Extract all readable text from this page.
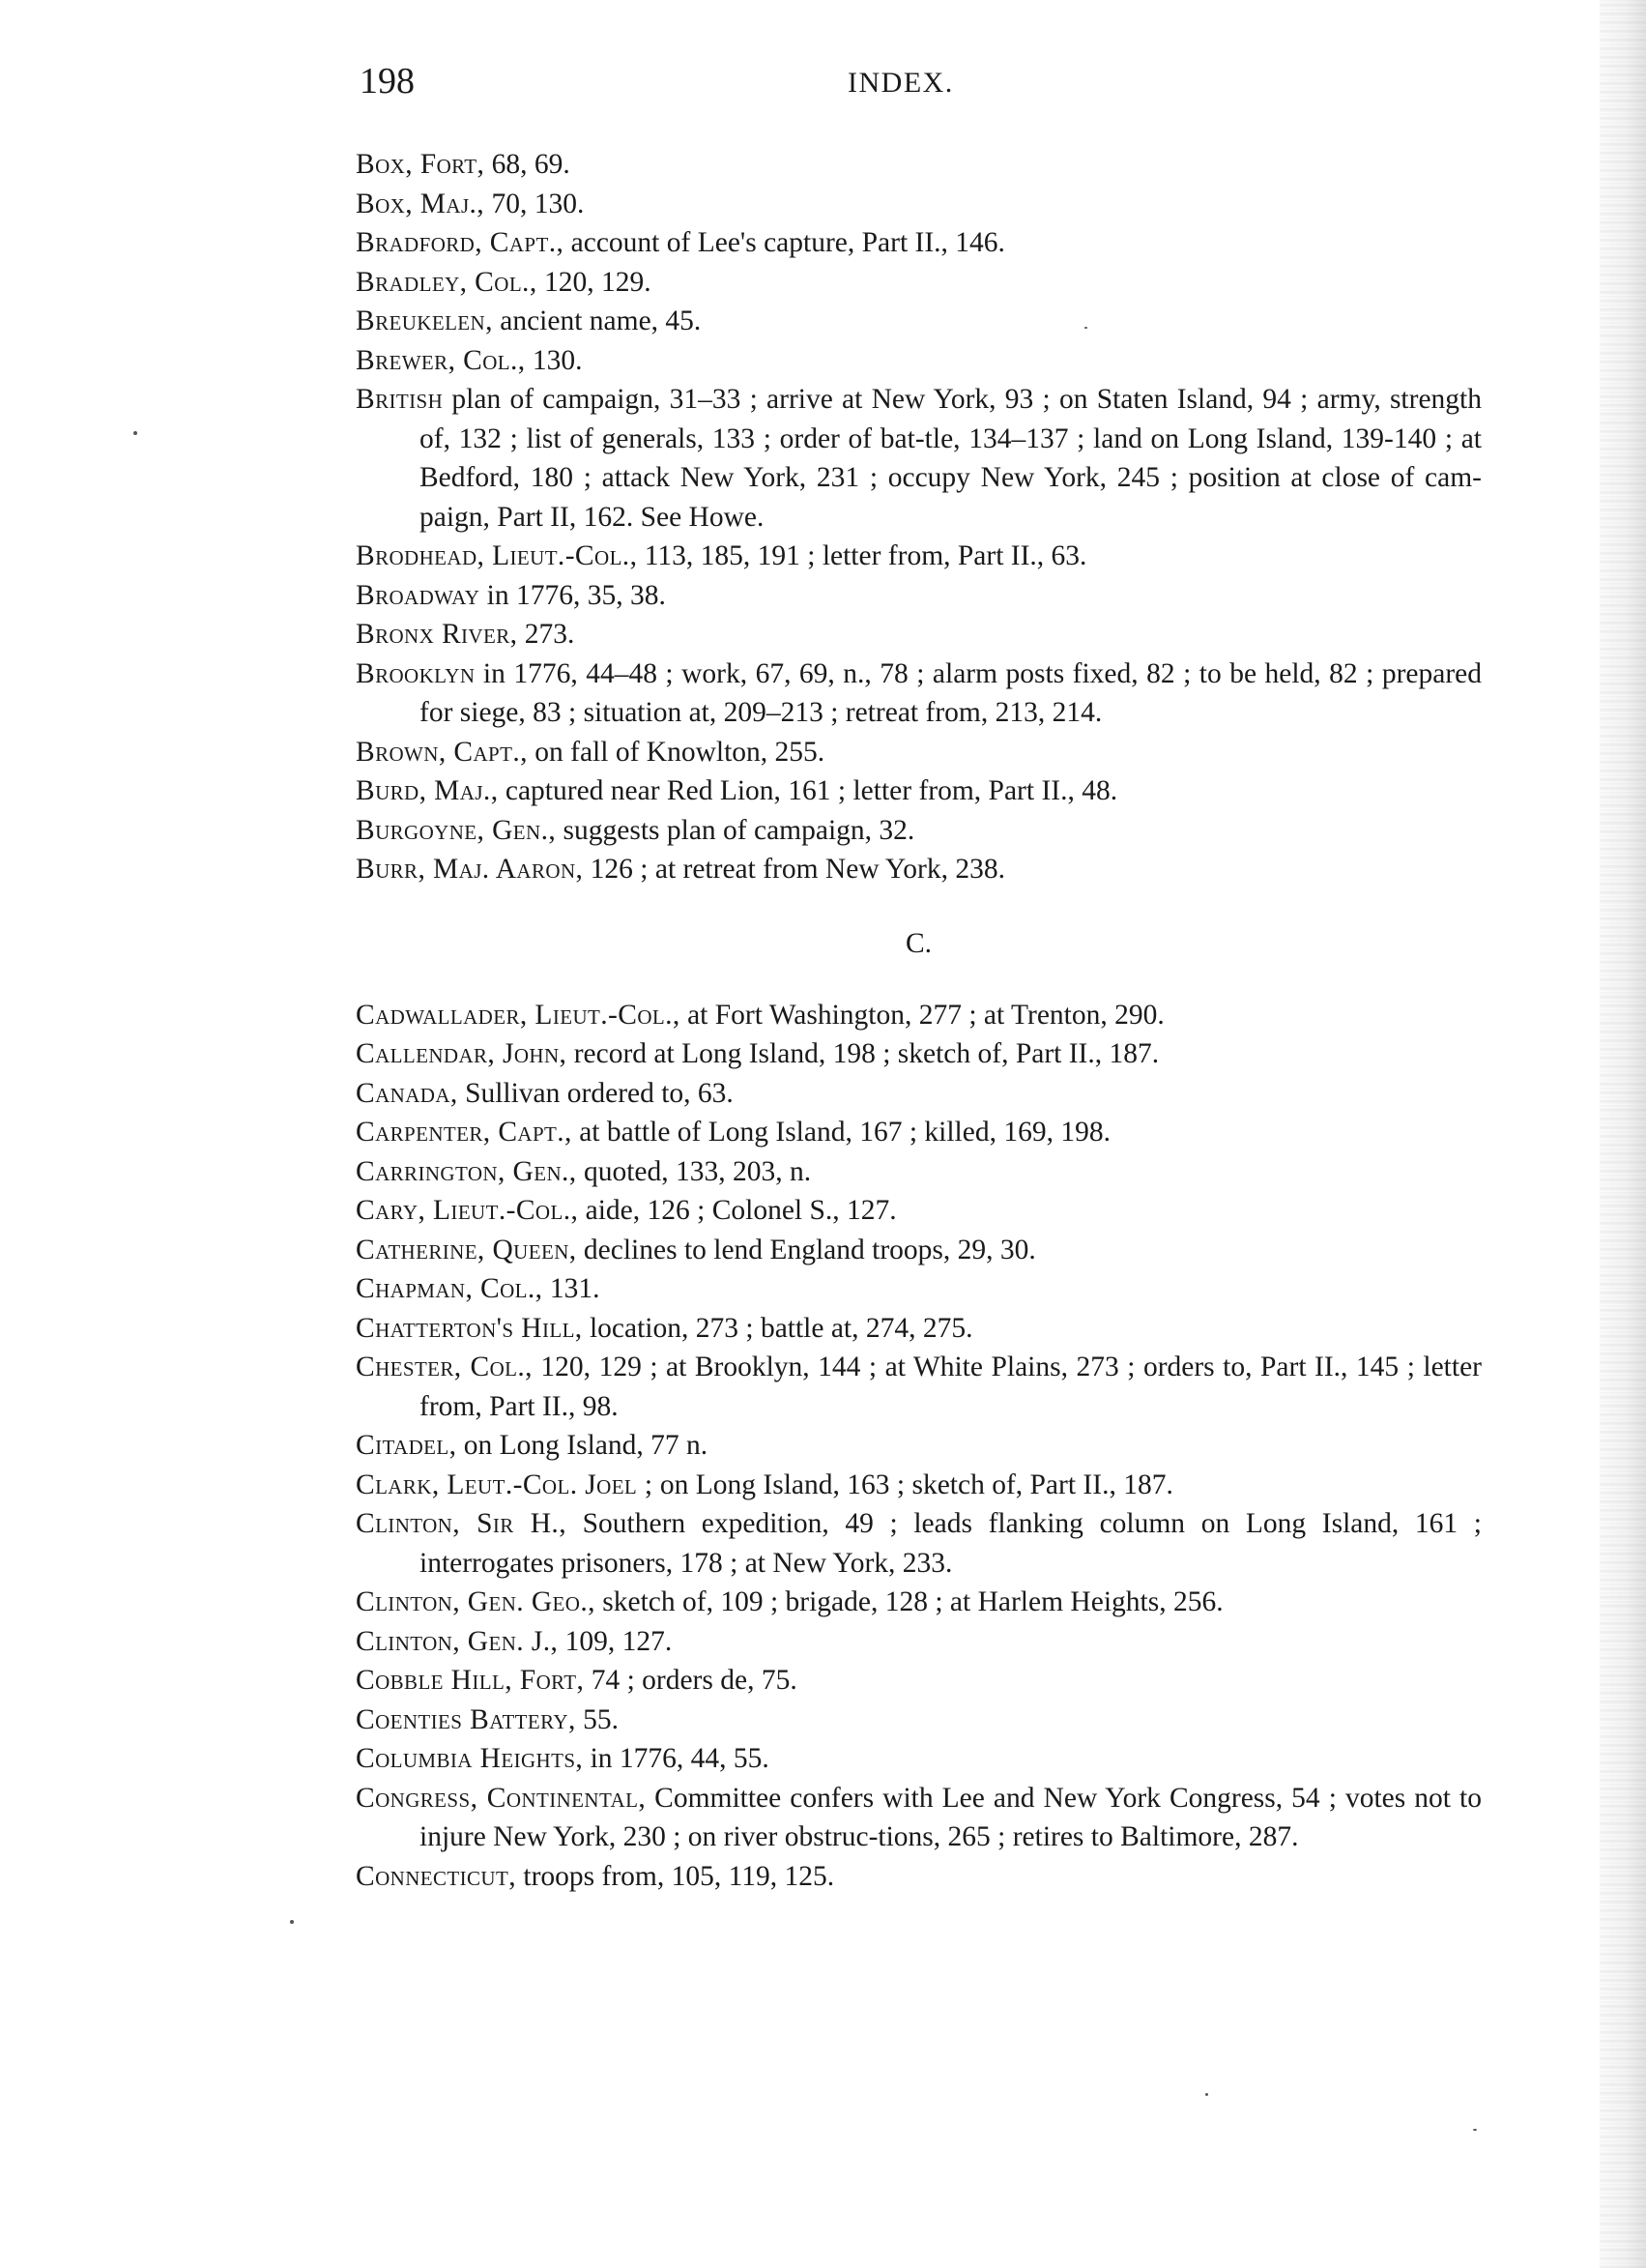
198	INDEX.

Box, Fort, 68, 69.

Box, Maj., 70, 130.

Bradford, Capt., account of Lee's capture, Part II., 146.

Bradley, Col., 120, 129.

Breukelen, ancient name, 45.

Brewer, Col., 130.

British plan of campaign, 31–33 ; arrive at New York, 93 ; on Staten Island, 94 ; army, strength of, 132 ; list of generals, 133 ; order of bat-tle, 134–137 ; land on Long Island, 139-140 ; at Bedford, 180 ; attack New York, 231 ; occupy New York, 245 ; position at close of cam-paign, Part II, 162. See Howe.

Brodhead, Lieut.-Col., 113, 185, 191 ; letter from, Part II., 63.

Broadway in 1776, 35, 38.

Bronx River, 273.

Brooklyn in 1776, 44–48 ; work, 67, 69, n., 78 ; alarm posts fixed, 82 ; to be held, 82 ; prepared for siege, 83 ; situation at, 209–213 ; retreat from, 213, 214.

Brown, Capt., on fall of Knowlton, 255.

Burd, Maj., captured near Red Lion, 161 ; letter from, Part II., 48.

Burgoyne, Gen., suggests plan of campaign, 32.

Burr, Maj. Aaron, 126 ; at retreat from New York, 238.

C.

Cadwallader, Lieut.-Col., at Fort Washington, 277 ; at Trenton, 290.

Callendar, John, record at Long Island, 198 ; sketch of, Part II., 187.

Canada, Sullivan ordered to, 63.

Carpenter, Capt., at battle of Long Island, 167 ; killed, 169, 198.

Carrington, Gen., quoted, 133, 203, n.

Cary, Lieut.-Col., aide, 126 ; Colonel S., 127.

Catherine, Queen, declines to lend England troops, 29, 30.

Chapman, Col., 131.

Chatterton's Hill, location, 273 ; battle at, 274, 275.

Chester, Col., 120, 129 ; at Brooklyn, 144 ; at White Plains, 273 ; orders to, Part II., 145 ; letter from, Part II., 98.

Citadel, on Long Island, 77 n.

Clark, Leut.-Col. Joel ; on Long Island, 163 ; sketch of, Part II., 187.

Clinton, Sir H., Southern expedition, 49 ; leads flanking column on Long Island, 161 ; interrogates prisoners, 178 ; at New York, 233.

Clinton, Gen. Geo., sketch of, 109 ; brigade, 128 ; at Harlem Heights, 256.

Clinton, Gen. J., 109, 127.

Cobble Hill, Fort, 74 ; orders de, 75.

Coenties Battery, 55.

Columbia Heights, in 1776, 44, 55.

Congress, Continental, Committee confers with Lee and New York Congress, 54 ; votes not to injure New York, 230 ; on river obstruc-tions, 265 ; retires to Baltimore, 287.

Connecticut, troops from, 105, 119, 125.
